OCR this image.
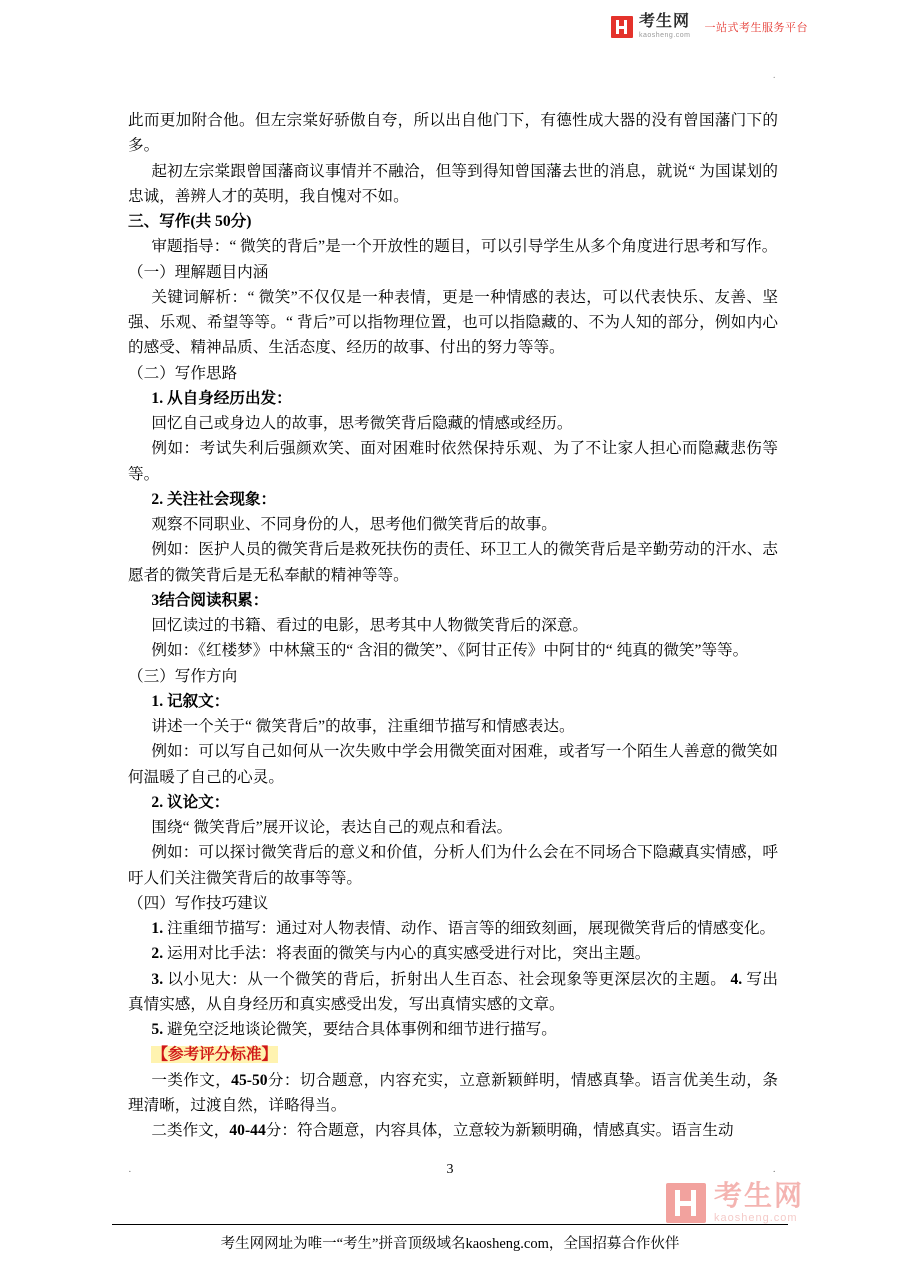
考生网
kaosheng.com
一站式考生服务平台
·

此而更加附合他。但左宗棠好骄傲自夸，所以出自他门下，有德性成大器的没有曾国藩门下的多。

起初左宗棠跟曾国藩商议事情并不融洽，但等到得知曾国藩去世的消息，就说“ 为国谋划的忠诚，善辨人才的英明，我自愧对不如。

三、写作(共 50分)

审题指导：“ 微笑的背后”是一个开放性的题目，可以引导学生从多个角度进行思考和写作。

（一）理解题目内涵

关键词解析：“ 微笑”不仅仅是一种表情，更是一种情感的表达，可以代表快乐、友善、坚强、乐观、希望等等。“ 背后”可以指物理位置，也可以指隐藏的、不为人知的部分，例如内心的感受、精神品质、生活态度、经历的故事、付出的努力等等。

（二）写作思路

1. 从自身经历出发：

回忆自己或身边人的故事，思考微笑背后隐藏的情感或经历。

例如：考试失利后强颜欢笑、面对困难时依然保持乐观、为了不让家人担心而隐藏悲伤等等。

2. 关注社会现象：

观察不同职业、不同身份的人，思考他们微笑背后的故事。

例如：医护人员的微笑背后是救死扶伤的责任、环卫工人的微笑背后是辛勤劳动的汗水、志愿者的微笑背后是无私奉献的精神等等。

3结合阅读积累：

回忆读过的书籍、看过的电影，思考其中人物微笑背后的深意。

例如：《红楼梦》中林黛玉的“ 含泪的微笑”、《阿甘正传》中阿甘的“ 纯真的微笑”等等。

（三）写作方向

1. 记叙文：

讲述一个关于“ 微笑背后”的故事，注重细节描写和情感表达。

例如：可以写自己如何从一次失败中学会用微笑面对困难，或者写一个陌生人善意的微笑如何温暖了自己的心灵。

2. 议论文：

围绕“ 微笑背后”展开议论，表达自己的观点和看法。

例如：可以探讨微笑背后的意义和价值，分析人们为什么会在不同场合下隐藏真实情感，呼吁人们关注微笑背后的故事等等。

（四）写作技巧建议

1. 注重细节描写：通过对人物表情、动作、语言等的细致刻画，展现微笑背后的情感变化。

2. 运用对比手法：将表面的微笑与内心的真实感受进行对比，突出主题。

3. 以小见大：从一个微笑的背后，折射出人生百态、社会现象等更深层次的主题。 4. 写出真情实感，从自身经历和真实感受出发，写出真情实感的文章。

5. 避免空泛地谈论微笑，要结合具体事例和细节进行描写。

【参考评分标准】

一类作文，45-50分：切合题意，内容充实，立意新颖鲜明，情感真挚。语言优美生动，条理清晰，过渡自然，详略得当。

二类作文，40-44分：符合题意，内容具体，立意较为新颖明确，情感真实。语言生动

3
·	·
考生网
kaosheng.com
考生网网址为唯一“考生”拼音顶级域名kaosheng.com，全国招募合作伙伴
